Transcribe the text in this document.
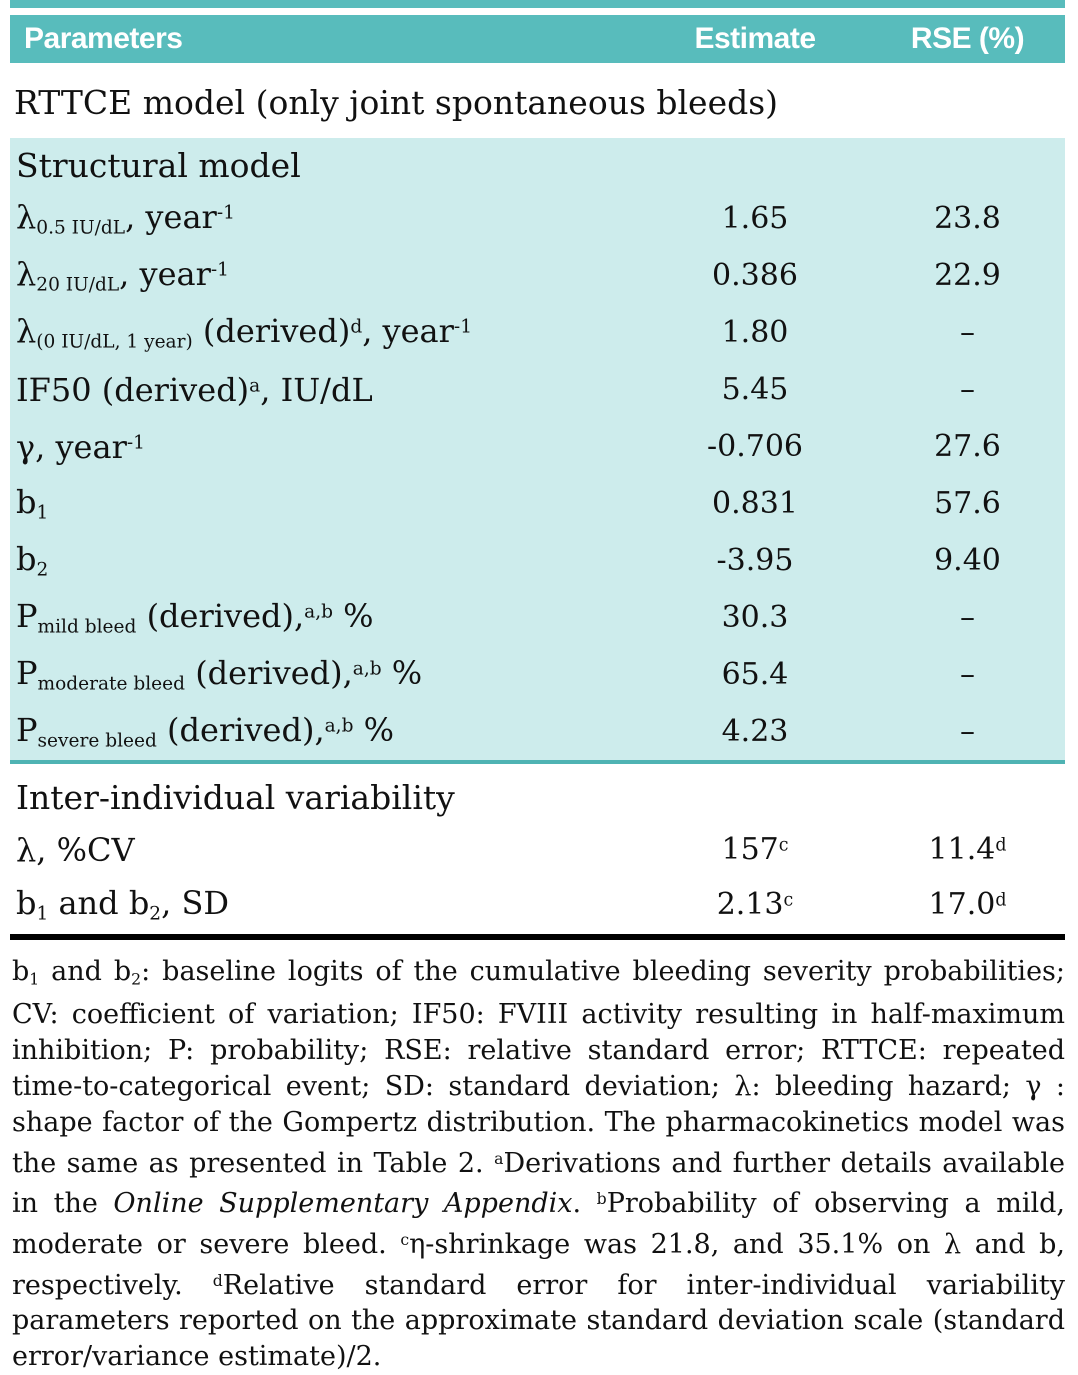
Parameters	Estimate	RSE (%)
RTTCE model (only joint spontaneous bleeds)
Structural model
$\lambda_{0.5 IU/dL}$, year$^{-1}$	1.65	23.8
$\lambda_{20 IU/dL}$, year$^{-1}$	0.386	22.9
$\lambda_{(0 IU/dL, 1 year)}$ (derived)$^d$, year$^{-1}$	1.80	–
IF50 (derived)$^a$, IU/dL	5.45	–
γ, year$^{-1}$	-0.706	27.6
$b_1$	0.831	57.6
$b_2$	-3.95	9.40
$P_{mild bleed}$ (derived),$^{a,b}$ %	30.3	–
$P_{moderate bleed}$ (derived),$^{a,b}$ %	65.4	–
$P_{severe bleed}$ (derived),$^{a,b}$ %	4.23	–
Inter-individual variability
λ, %CV	157$^c$	11.4$^d$
$b_1$ and $b_2$, SD	2.13$^c$	17.0$^d$
$b_1$ and $b_2$: baseline logits of the cumulative bleeding severity probabilities; CV: coefficient of variation; IF50: FVIII activity resulting in half-maximum inhibition; P: probability; RSE: relative standard error; RTTCE: repeated time-to-categorical event; SD: standard deviation; λ: bleeding hazard; γ : shape factor of the Gompertz distribution. The pharmacokinetics model was the same as presented in Table 2. $^a$Derivations and further details available in the Online Supplementary Appendix. $^b$Probability of observing a mild, moderate or severe bleed. $^c$η-shrinkage was 21.8, and 35.1% on λ and b, respectively. $^d$Relative standard error for inter-individual variability parameters reported on the approximate standard deviation scale (standard error/variance estimate)/2.
